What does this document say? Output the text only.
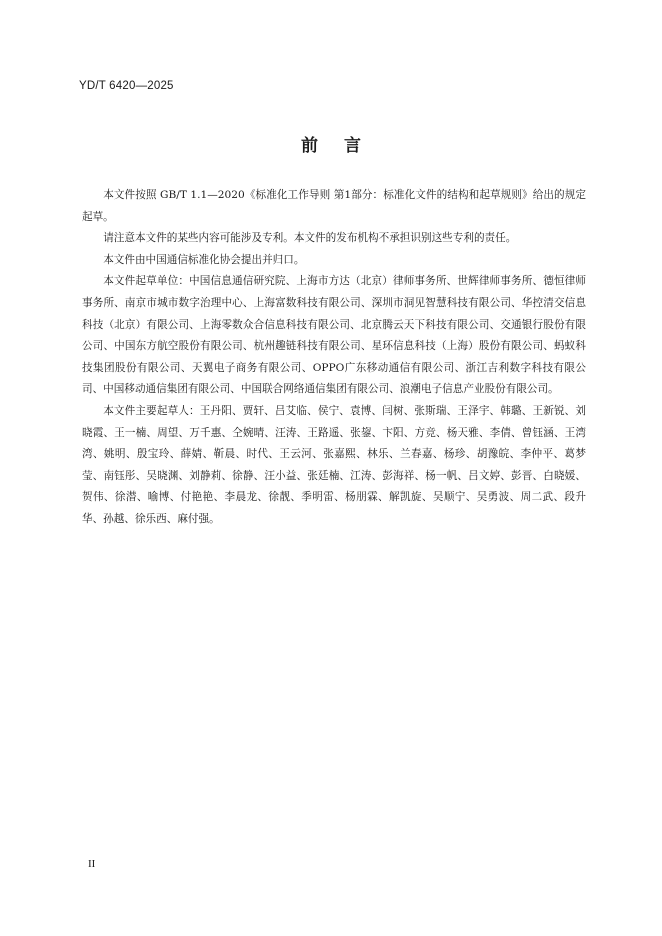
YD/T 6420—2025
前言

本文件按照 GB/T 1.1—2020《标准化工作导则 第1部分：标准化文件的结构和起草规则》给出的规定起草。

请注意本文件的某些内容可能涉及专利。本文件的发布机构不承担识别这些专利的责任。

本文件由中国通信标准化协会提出并归口。

本文件起草单位：中国信息通信研究院、上海市方达（北京）律师事务所、世辉律师事务所、德恒律师事务所、南京市城市数字治理中心、上海富数科技有限公司、深圳市洞见智慧科技有限公司、华控清交信息科技（北京）有限公司、上海零数众合信息科技有限公司、北京腾云天下科技有限公司、交通银行股份有限公司、中国东方航空股份有限公司、杭州趣链科技有限公司、星环信息科技（上海）股份有限公司、蚂蚁科技集团股份有限公司、天翼电子商务有限公司、OPPO广东移动通信有限公司、浙江吉利数字科技有限公司、中国移动通信集团有限公司、中国联合网络通信集团有限公司、浪潮电子信息产业股份有限公司。

本文件主要起草人：王丹阳、贾轩、吕艾临、侯宁、袁博、闫树、张斯瑞、王泽宇、韩璐、王新锐、刘晓霞、王一楠、周望、万千惠、仝婉晴、汪涛、王路遥、张鋆、卞阳、方竞、杨天雅、李倩、曾钰涵、王湾湾、姚明、殷宝玲、薛婧、靳晨、时代、王云河、张嘉熙、林乐、兰春嘉、杨珍、胡豫皖、李仲平、葛梦莹、南钰彤、吴晓渊、刘静莉、徐静、汪小益、张廷楠、江涛、彭海祥、杨一帆、吕文婷、彭晋、白晓媛、贺伟、徐潜、喻博、付艳艳、李晨龙、徐靓、季明雷、杨朋霖、解凯旋、吴顺宁、吴勇波、周二武、段升华、孙越、徐乐西、麻付强。

II
